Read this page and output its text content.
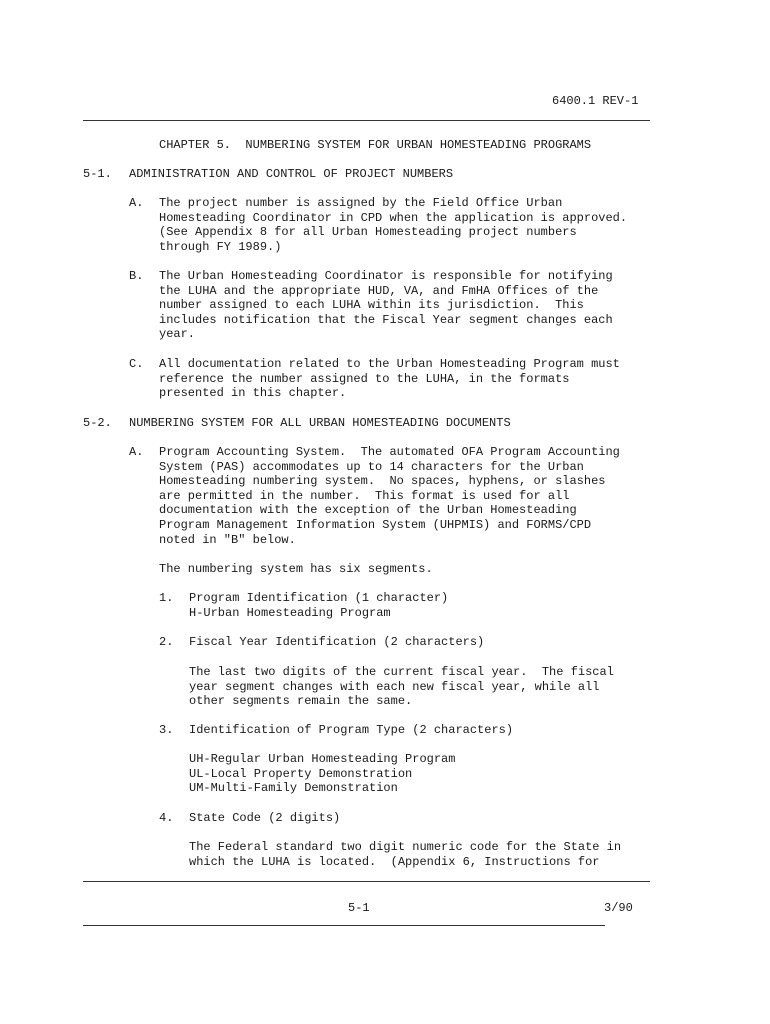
6400.1 REV-1
CHAPTER 5.  NUMBERING SYSTEM FOR URBAN HOMESTEADING PROGRAMS
5-1. ADMINISTRATION AND CONTROL OF PROJECT NUMBERS
A. The project number is assigned by the Field Office Urban
Homesteading Coordinator in CPD when the application is approved.
(See Appendix 8 for all Urban Homesteading project numbers
through FY 1989.)
B. The Urban Homesteading Coordinator is responsible for notifying
the LUHA and the appropriate HUD, VA, and FmHA Offices of the
number assigned to each LUHA within its jurisdiction.  This
includes notification that the Fiscal Year segment changes each
year.
C. All documentation related to the Urban Homesteading Program must
reference the number assigned to the LUHA, in the formats
presented in this chapter.
5-2. NUMBERING SYSTEM FOR ALL URBAN HOMESTEADING DOCUMENTS
A. Program Accounting System.  The automated OFA Program Accounting
System (PAS) accommodates up to 14 characters for the Urban
Homesteading numbering system.  No spaces, hyphens, or slashes
are permitted in the number.  This format is used for all
documentation with the exception of the Urban Homesteading
Program Management Information System (UHPMIS) and FORMS/CPD
noted in "B" below.
The numbering system has six segments.
1. Program Identification (1 character)
H-Urban Homesteading Program
2. Fiscal Year Identification (2 characters)
The last two digits of the current fiscal year.  The fiscal
year segment changes with each new fiscal year, while all
other segments remain the same.
3. Identification of Program Type (2 characters)
UH-Regular Urban Homesteading Program
UL-Local Property Demonstration
UM-Multi-Family Demonstration
4. State Code (2 digits)
The Federal standard two digit numeric code for the State in
which the LUHA is located.  (Appendix 6, Instructions for
5-1	3/90
